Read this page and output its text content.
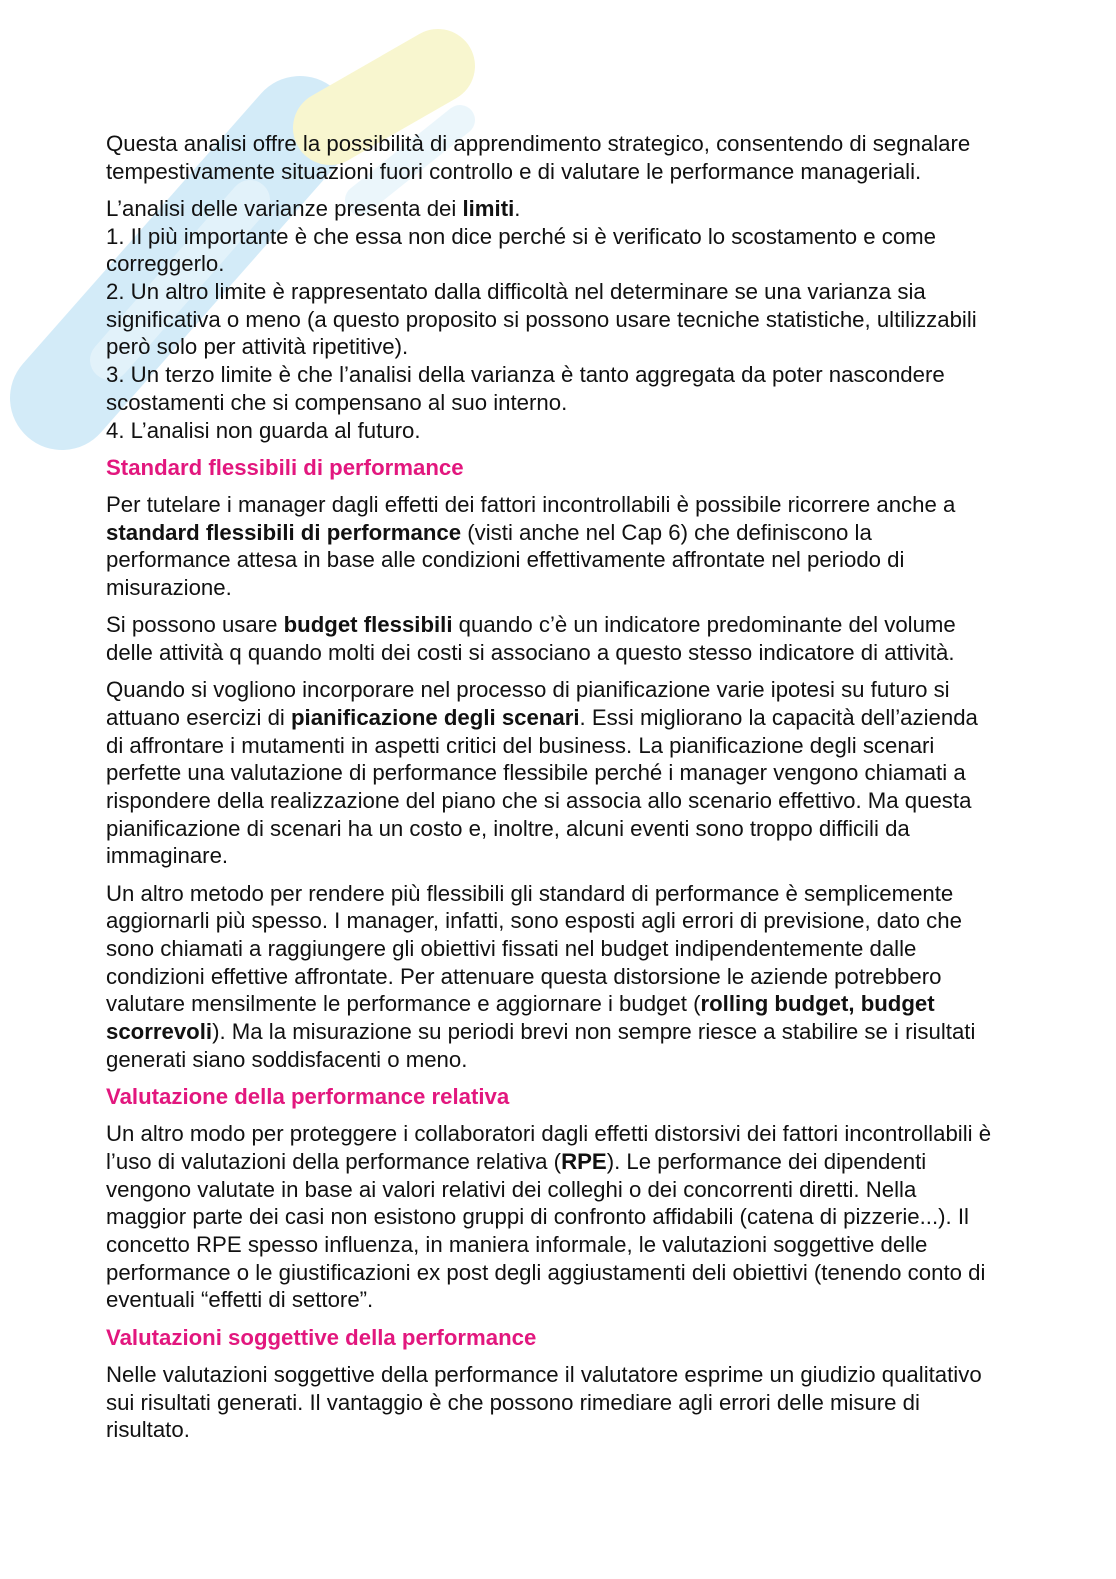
Questa analisi offre la possibilità di apprendimento strategico, consentendo di segnalare
tempestivamente situazioni fuori controllo e di valutare le performance manageriali.
L’analisi delle varianze presenta dei limiti.
1. Il più importante è che essa non dice perché si è verificato lo scostamento e come
correggerlo.
2. Un altro limite è rappresentato dalla difficoltà nel determinare se una varianza sia
significativa o meno (a questo proposito si possono usare tecniche statistiche, ultilizzabili
però solo per attività ripetitive).
3. Un terzo limite è che l’analisi della varianza è tanto aggregata da poter nascondere
scostamenti che si compensano al suo interno.
4. L’analisi non guarda al futuro.
Standard flessibili di performance
Per tutelare i manager dagli effetti dei fattori incontrollabili è possibile ricorrere anche a
standard flessibili di performance (visti anche nel Cap 6) che definiscono la
performance attesa in base alle condizioni effettivamente affrontate nel periodo di
misurazione.
Si possono usare budget flessibili quando c’è un indicatore predominante del volume
delle attività q quando molti dei costi si associano a questo stesso indicatore di attività.
Quando si vogliono incorporare nel processo di pianificazione varie ipotesi su futuro si
attuano esercizi di pianificazione degli scenari. Essi migliorano la capacità dell’azienda
di affrontare i mutamenti in aspetti critici del business. La pianificazione degli scenari
perfette una valutazione di performance flessibile perché i manager vengono chiamati a
rispondere della realizzazione del piano che si associa allo scenario effettivo. Ma questa
pianificazione di scenari ha un costo e, inoltre, alcuni eventi sono troppo difficili da
immaginare.
Un altro metodo per rendere più flessibili gli standard di performance è semplicemente
aggiornarli più spesso. I manager, infatti, sono esposti agli errori di previsione, dato che
sono chiamati a raggiungere gli obiettivi fissati nel budget indipendentemente dalle
condizioni effettive affrontate. Per attenuare questa distorsione le aziende potrebbero
valutare mensilmente le performance e aggiornare i budget (rolling budget, budget
scorrevoli). Ma la misurazione su periodi brevi non sempre riesce a stabilire se i risultati
generati siano soddisfacenti o meno.
Valutazione della performance relativa
Un altro modo per proteggere i collaboratori dagli effetti distorsivi dei fattori incontrollabili è
l’uso di valutazioni della performance relativa (RPE). Le performance dei dipendenti
vengono valutate in base ai valori relativi dei colleghi o dei concorrenti diretti. Nella
maggior parte dei casi non esistono gruppi di confronto affidabili (catena di pizzerie...). Il
concetto RPE spesso influenza, in maniera informale, le valutazioni soggettive delle
performance o le giustificazioni ex post degli aggiustamenti deli obiettivi (tenendo conto di
eventuali “effetti di settore”.
Valutazioni soggettive della performance
Nelle valutazioni soggettive della performance il valutatore esprime un giudizio qualitativo
sui risultati generati. Il vantaggio è che possono rimediare agli errori delle misure di
risultato.
